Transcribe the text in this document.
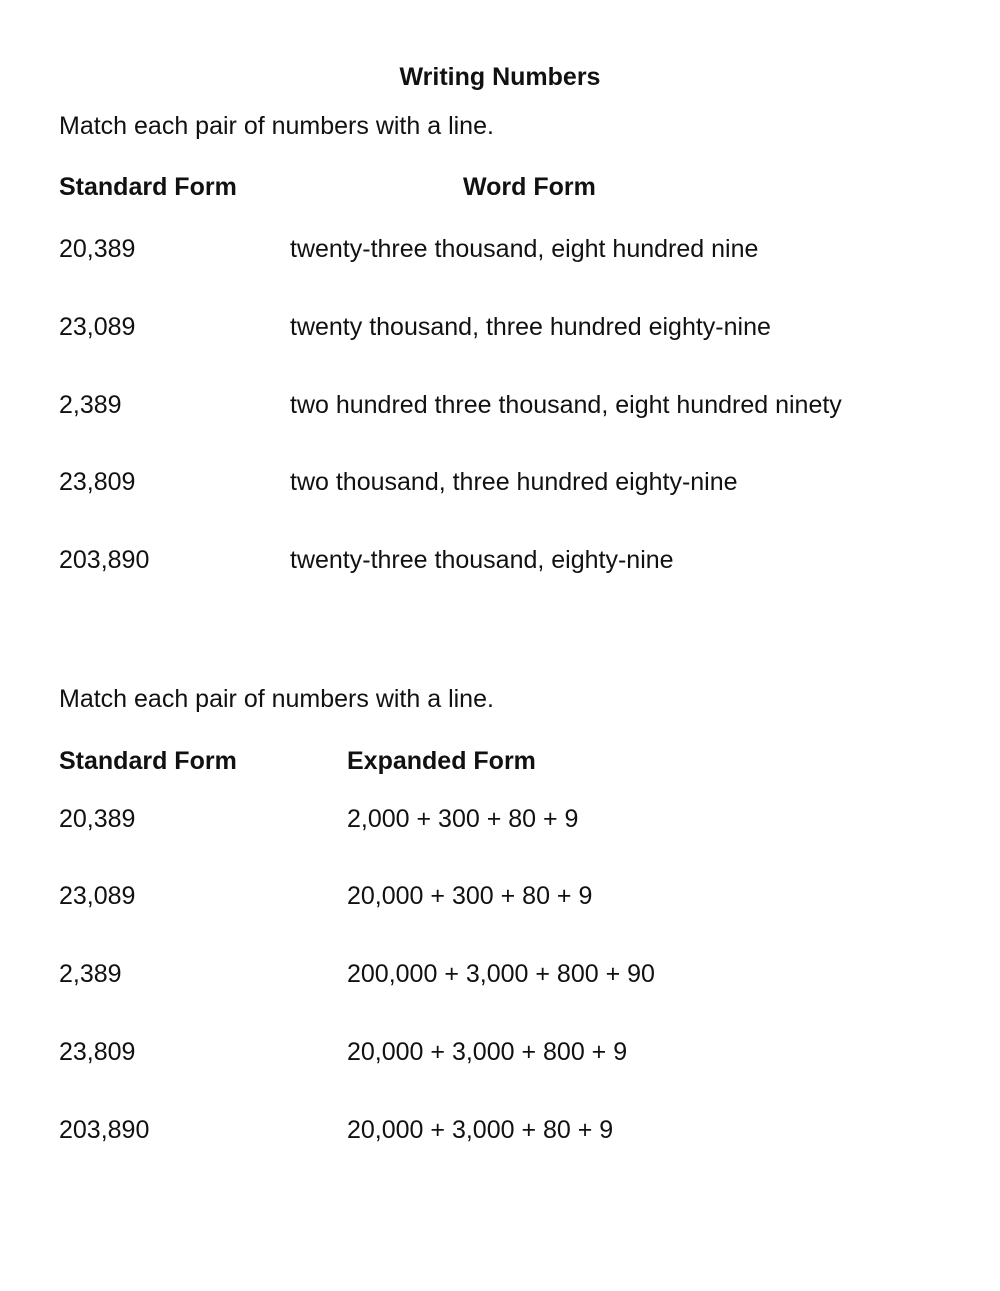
Writing Numbers
Match each pair of numbers with a line.
Standard Form	Word Form
20,389	twenty-three thousand, eight hundred nine
23,089	twenty thousand, three hundred eighty-nine
2,389	two hundred three thousand, eight hundred ninety
23,809	two thousand, three hundred eighty-nine
203,890	twenty-three thousand, eighty-nine
Match each pair of numbers with a line.
Standard Form	Expanded Form
20,389	2,000 + 300 + 80 + 9
23,089	20,000 + 300 + 80 + 9
2,389	200,000 + 3,000 + 800 + 90
23,809	20,000 + 3,000 + 800 + 9
203,890	20,000 + 3,000 + 80 + 9
